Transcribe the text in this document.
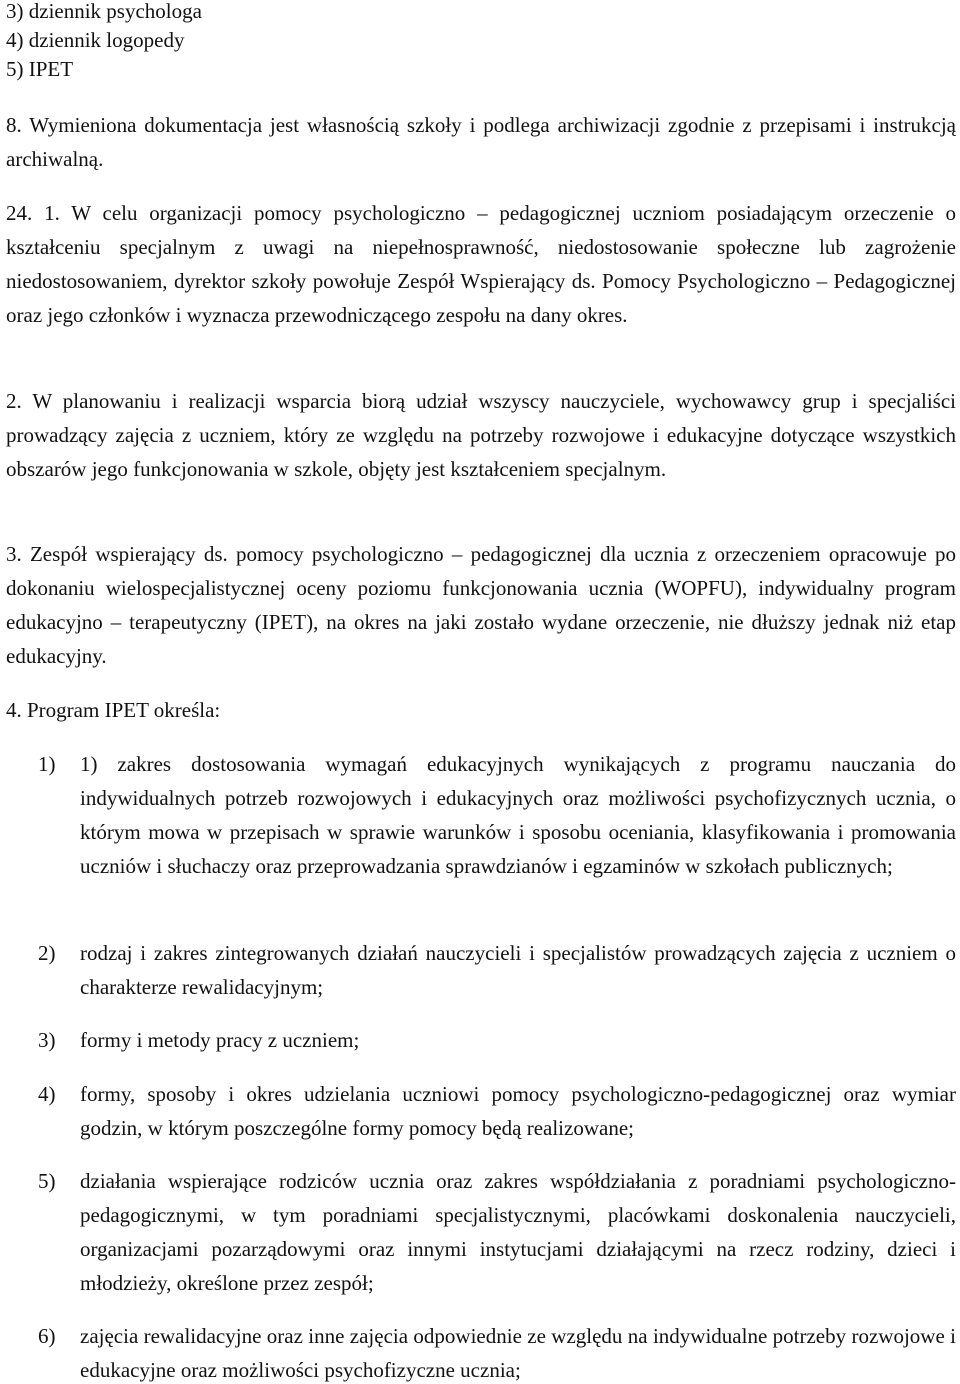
3) dziennik psychologa

4) dziennik logopedy

5) IPET

8. Wymieniona dokumentacja jest własnością szkoły i podlega archiwizacji zgodnie z przepisami i instrukcją archiwalną.

24. 1. W celu organizacji pomocy psychologiczno – pedagogicznej uczniom posiadającym orzeczenie o kształceniu specjalnym z uwagi na niepełnosprawność, niedostosowanie społeczne lub zagrożenie niedostosowaniem, dyrektor szkoły powołuje Zespół Wspierający ds. Pomocy Psychologiczno – Pedagogicznej oraz jego członków i wyznacza przewodniczącego zespołu na dany okres.

2. W planowaniu i realizacji wsparcia biorą udział wszyscy nauczyciele, wychowawcy grup i specjaliści prowadzący zajęcia z uczniem, który ze względu na potrzeby rozwojowe i edukacyjne dotyczące wszystkich obszarów jego funkcjonowania w szkole, objęty jest kształceniem specjalnym.

3. Zespół wspierający ds. pomocy psychologiczno – pedagogicznej dla ucznia z orzeczeniem opracowuje po dokonaniu wielospecjalistycznej oceny poziomu funkcjonowania ucznia (WOPFU), indywidualny program edukacyjno – terapeutyczny (IPET), na okres na jaki zostało wydane orzeczenie, nie dłuższy jednak niż etap edukacyjny.

4. Program IPET określa:

1) 1) zakres dostosowania wymagań edukacyjnych wynikających z programu nauczania do indywidualnych potrzeb rozwojowych i edukacyjnych oraz możliwości psychofizycznych ucznia, o którym mowa w przepisach w sprawie warunków i sposobu oceniania, klasyfikowania i promowania uczniów i słuchaczy oraz przeprowadzania sprawdzianów i egzaminów w szkołach publicznych;
2) rodzaj i zakres zintegrowanych działań nauczycieli i specjalistów prowadzących zajęcia z uczniem o charakterze rewalidacyjnym;
3) formy i metody pracy z uczniem;
4) formy, sposoby i okres udzielania uczniowi pomocy psychologiczno-pedagogicznej oraz wymiar godzin, w którym poszczególne formy pomocy będą realizowane;
5) działania wspierające rodziców ucznia oraz zakres współdziałania z poradniami psychologiczno-pedagogicznymi, w tym poradniami specjalistycznymi, placówkami doskonalenia nauczycieli, organizacjami pozarządowymi oraz innymi instytucjami działającymi na rzecz rodziny, dzieci i młodzieży, określone przez zespół;
6) zajęcia rewalidacyjne oraz inne zajęcia odpowiednie ze względu na indywidualne potrzeby rozwojowe i edukacyjne oraz możliwości psychofizyczne ucznia;
